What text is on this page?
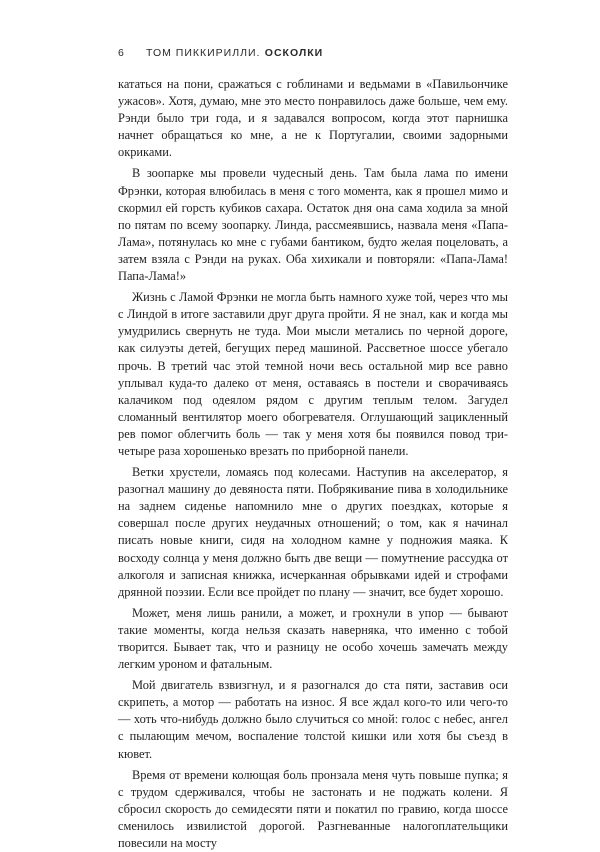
6 ТОМ ПИККИРИЛЛИ. ОСКОЛКИ

кататься на пони, сражаться с гоблинами и ведьмами в «Павильончике ужасов». Хотя, думаю, мне это место понравилось даже больше, чем ему. Рэнди было три года, и я задавался вопросом, когда этот парнишка начнет обращаться ко мне, а не к Португалии, своими задорными окриками.

В зоопарке мы провели чудесный день. Там была лама по имени Фрэнки, которая влюбилась в меня с того момента, как я прошел мимо и скормил ей горсть кубиков сахара. Остаток дня она сама ходила за мной по пятам по всему зоопарку. Линда, рассмеявшись, назвала меня «Папа-Лама», потянулась ко мне с губами бантиком, будто желая поцеловать, а затем взяла с Рэнди на руках. Оба хихикали и повторяли: «Папа-Лама! Папа-Лама!»

Жизнь с Ламой Фрэнки не могла быть намного хуже той, через что мы с Линдой в итоге заставили друг друга пройти. Я не знал, как и когда мы умудрились свернуть не туда. Мои мысли метались по черной дороге, как силуэты детей, бегущих перед машиной. Рассветное шоссе убегало прочь. В третий час этой темной ночи весь остальной мир все равно уплывал куда-то далеко от меня, оставаясь в постели и сворачиваясь калачиком под одеялом рядом с другим теплым телом. Загудел сломанный вентилятор моего обогревателя. Оглушающий зацикленный рев помог облегчить боль — так у меня хотя бы появился повод три-четыре раза хорошенько врезать по приборной панели.

Ветки хрустели, ломаясь под колесами. Наступив на акселератор, я разогнал машину до девяноста пяти. Побрякивание пива в холодильнике на заднем сиденье напомнило мне о других поездках, которые я совершал после других неудачных отношений; о том, как я начинал писать новые книги, сидя на холодном камне у подножия маяка. К восходу солнца у меня должно быть две вещи — помутнение рассудка от алкоголя и записная книжка, исчерканная обрывками идей и строфами дрянной поэзии. Если все пройдет по плану — значит, все будет хорошо.

Может, меня лишь ранили, а может, и грохнули в упор — бывают такие моменты, когда нельзя сказать наверняка, что именно с тобой творится. Бывает так, что и разницу не особо хочешь замечать между легким уроном и фатальным.

Мой двигатель взвизгнул, и я разогнался до ста пяти, заставив оси скрипеть, а мотор — работать на износ. Я все ждал кого-то или чего-то — хоть что-нибудь должно было случиться со мной: голос с небес, ангел с пылающим мечом, воспаление толстой кишки или хотя бы съезд в кювет.

Время от времени колющая боль пронзала меня чуть повыше пупка; я с трудом сдерживался, чтобы не застонать и не поджать колени. Я сбросил скорость до семидесяти пяти и покатил по гравию, когда шоссе сменилось извилистой дорогой. Разгневанные налогоплательщики повесили на мосту
